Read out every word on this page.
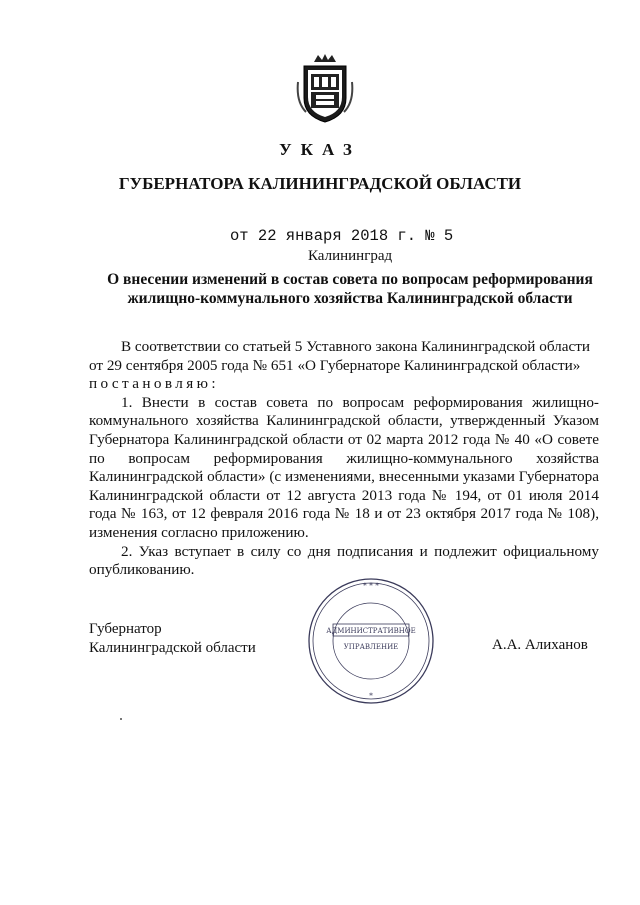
УКАЗ
ГУБЕРНАТОРА КАЛИНИНГРАДСКОЙ ОБЛАСТИ
от 22 января 2018 г. № 5
Калининград
О внесении изменений в состав совета по вопросам реформирования
жилищно-коммунального хозяйства Калининградской области

В соответствии со статьей 5 Уставного закона Калининградской области

от 29 сентября 2005 года № 651 «О Губернаторе Калининградской области»

постановляю:

1. Внести в состав совета по вопросам реформирования жилищно-коммунального хозяйства Калининградской области, утвержденный Указом Губернатора Калининградской области от 02 марта 2012 года № 40 «О совете по вопросам реформирования жилищно-коммунального хозяйства Калининградской области» (с изменениями, внесенными указами Губернатора Калининградской области от 12 августа 2013 года № 194, от 01 июля 2014 года № 163, от 12 февраля 2016 года № 18 и от 23 октября 2017 года № 108), изменения согласно приложению.

2. Указ вступает в силу со дня подписания и подлежит официальному опубликованию.

Губернатор
Калининградской области	А.А. Алиханов
* * *
*
АДМИНИСТРАТИВНОЕ
УПРАВЛЕНИЕ
